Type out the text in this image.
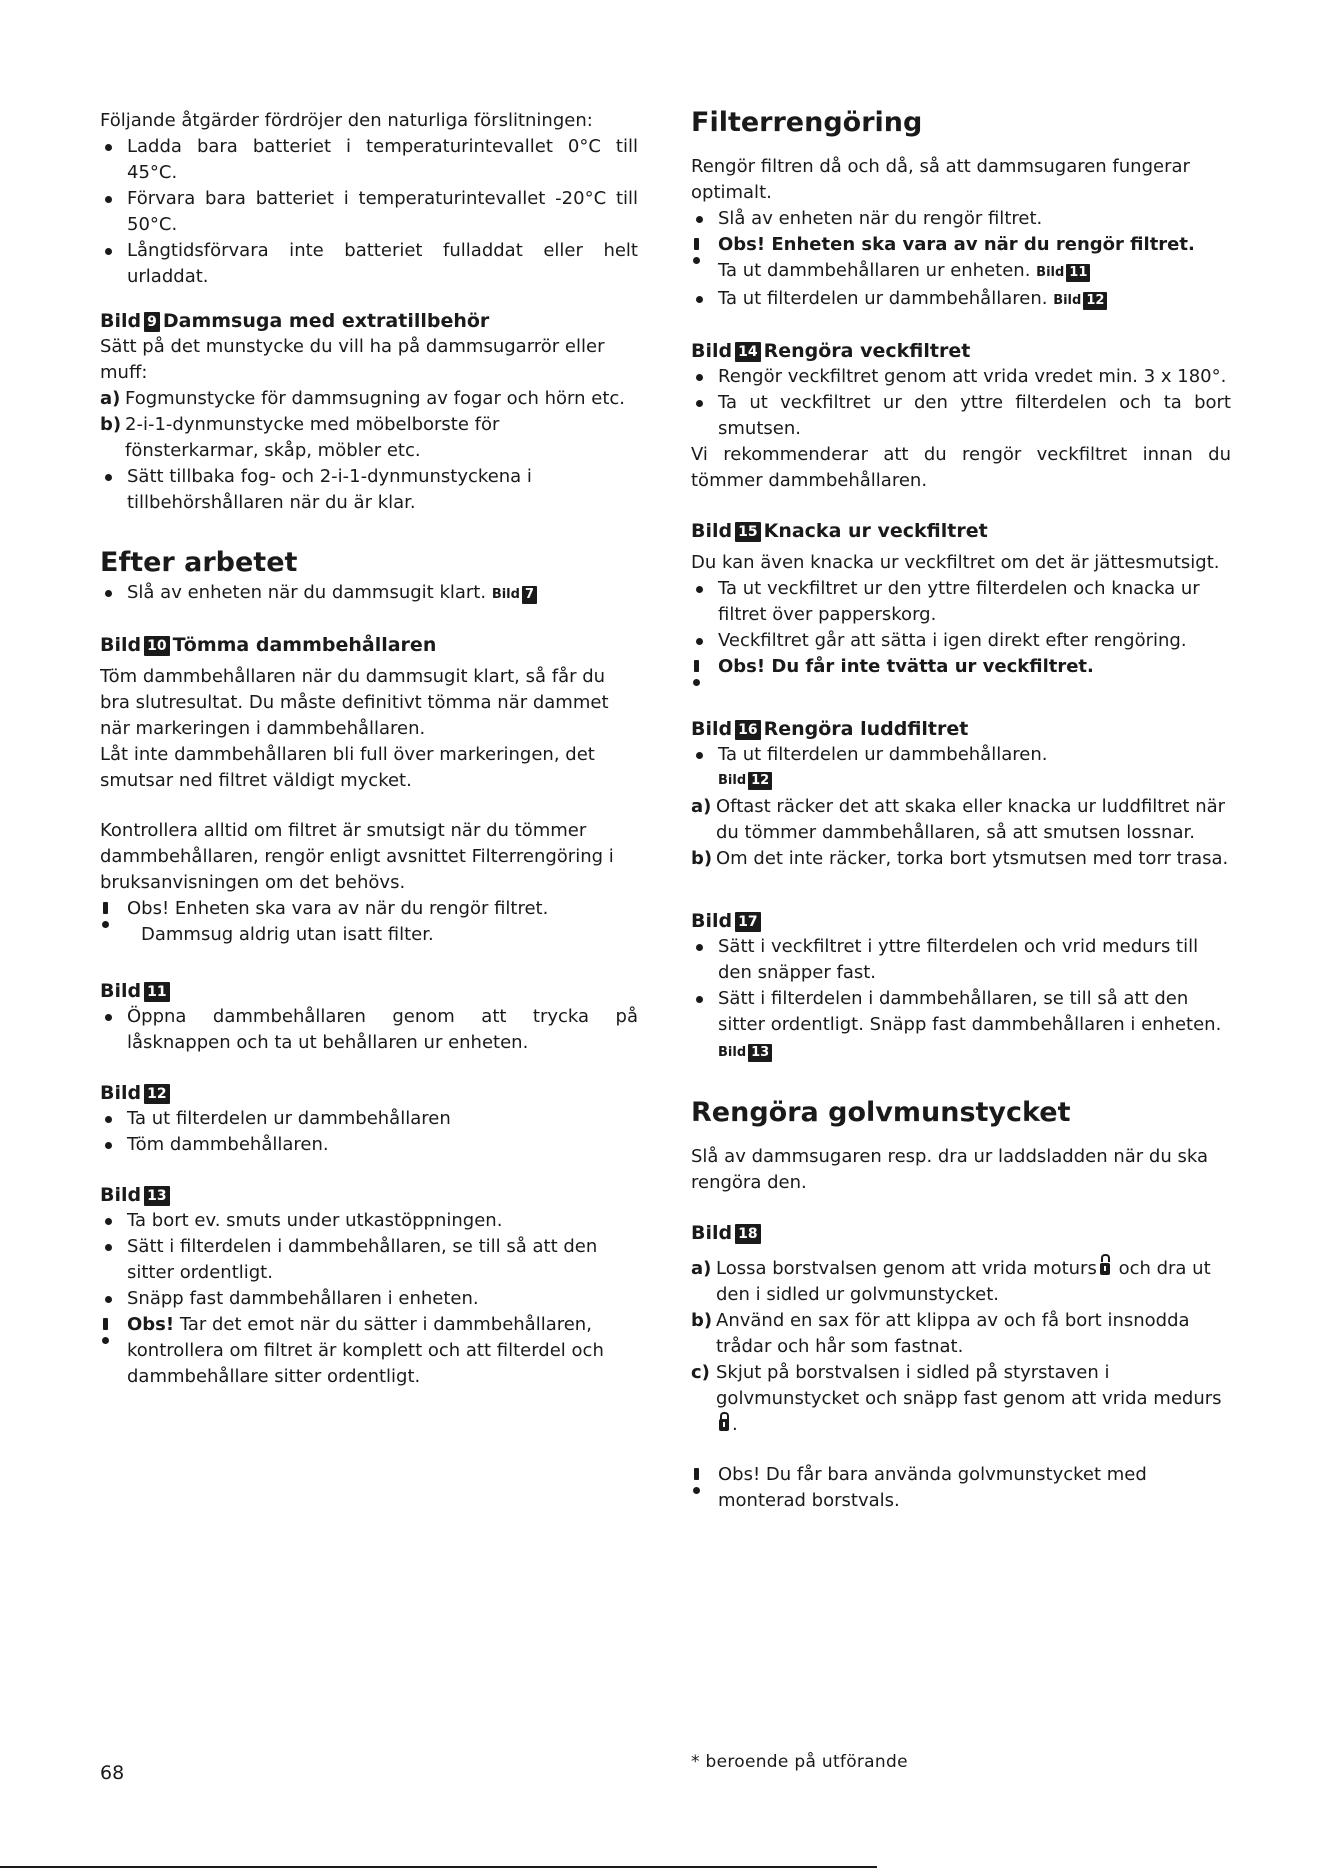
Följande åtgärder fördröjer den naturliga förslitningen:

Ladda bara batteriet i temperaturintevallet 0°C till 45°C.
Förvara bara batteriet i temperaturintevallet -20°C till 50°C.
Långtidsförvara inte batteriet fulladdat eller helt urladdat.
Bild 9 Dammsuga med extratillbehör

Sätt på det munstycke du vill ha på dammsugarrör eller muff:

a) Fogmunstycke för dammsugning av fogar och hörn etc.
b) 2-i-1-dynmunstycke med möbelborste för fönsterkarmar, skåp, möbler etc.
Sätt tillbaka fog- och 2-i-1-dynmunstyckena i tillbehörshållaren när du är klar.
Efter arbetet
Slå av enheten när du dammsugit klart. Bild 7
Bild 10 Tömma dammbehållaren

Töm dammbehållaren när du dammsugit klart, så får du bra slutresultat. Du måste definitivt tömma när dammet när markeringen i dammbehållaren.

Låt inte dammbehållaren bli full över markeringen, det smutsar ned filtret väldigt mycket.

Kontrollera alltid om filtret är smutsigt när du tömmer dammbehållaren, rengör enligt avsnittet Filterrengöring i bruksanvisningen om det behövs.

Obs! Enheten ska vara av när du rengör filtret.
Dammsug aldrig utan isatt filter.
Bild 11
Öppna dammbehållaren genom att trycka på låsknappen och ta ut behållaren ur enheten.
Bild 12
Ta ut filterdelen ur dammbehållaren
Töm dammbehållaren.
Bild 13
Ta bort ev. smuts under utkastöppningen.
Sätt i filterdelen i dammbehållaren, se till så att den sitter ordentligt.
Snäpp fast dammbehållaren i enheten.
Obs! Tar det emot när du sätter i dammbehållaren, kontrollera om filtret är komplett och att filterdel och dammbehållare sitter ordentligt.
Filterrengöring

Rengör filtren då och då, så att dammsugaren fungerar optimalt.

Slå av enheten när du rengör filtret.
Obs! Enheten ska vara av när du rengör filtret.
Ta ut dammbehållaren ur enheten. Bild 11
Ta ut filterdelen ur dammbehållaren. Bild 12
Bild 14 Rengöra veckfiltret
Rengör veckfiltret genom att vrida vredet min. 3 x 180°.
Ta ut veckfiltret ur den yttre filterdelen och ta bort smutsen.

Vi rekommenderar att du rengör veckfiltret innan du tömmer dammbehållaren.

Bild 15 Knacka ur veckfiltret

Du kan även knacka ur veckfiltret om det är jättesmutsigt.

Ta ut veckfiltret ur den yttre filterdelen och knacka ur filtret över papperskorg.
Veckfiltret går att sätta i igen direkt efter rengöring.
Obs! Du får inte tvätta ur veckfiltret.
Bild 16 Rengöra luddfiltret
Ta ut filterdelen ur dammbehållaren.
Bild 12
a) Oftast räcker det att skaka eller knacka ur luddfiltret när du tömmer dammbehållaren, så att smutsen lossnar.
b) Om det inte räcker, torka bort ytsmutsen med torr trasa.
Bild 17
Sätt i veckfiltret i yttre filterdelen och vrid medurs till den snäpper fast.
Sätt i filterdelen i dammbehållaren, se till så att den sitter ordentligt. Snäpp fast dammbehållaren i enheten. Bild 13
Rengöra golvmunstycket

Slå av dammsugaren resp. dra ur laddsladden när du ska rengöra den.

Bild 18
a) Lossa borstvalsen genom att vrida moturs och dra ut den i sidled ur golvmunstycket.
b) Använd en sax för att klippa av och få bort insnodda trådar och hår som fastnat.
c) Skjut på borstvalsen i sidled på styrstaven i golvmunstycket och snäpp fast genom att vrida medurs.
Obs! Du får bara använda golvmunstycket med monterad borstvals.
68	* beroende på utförande
